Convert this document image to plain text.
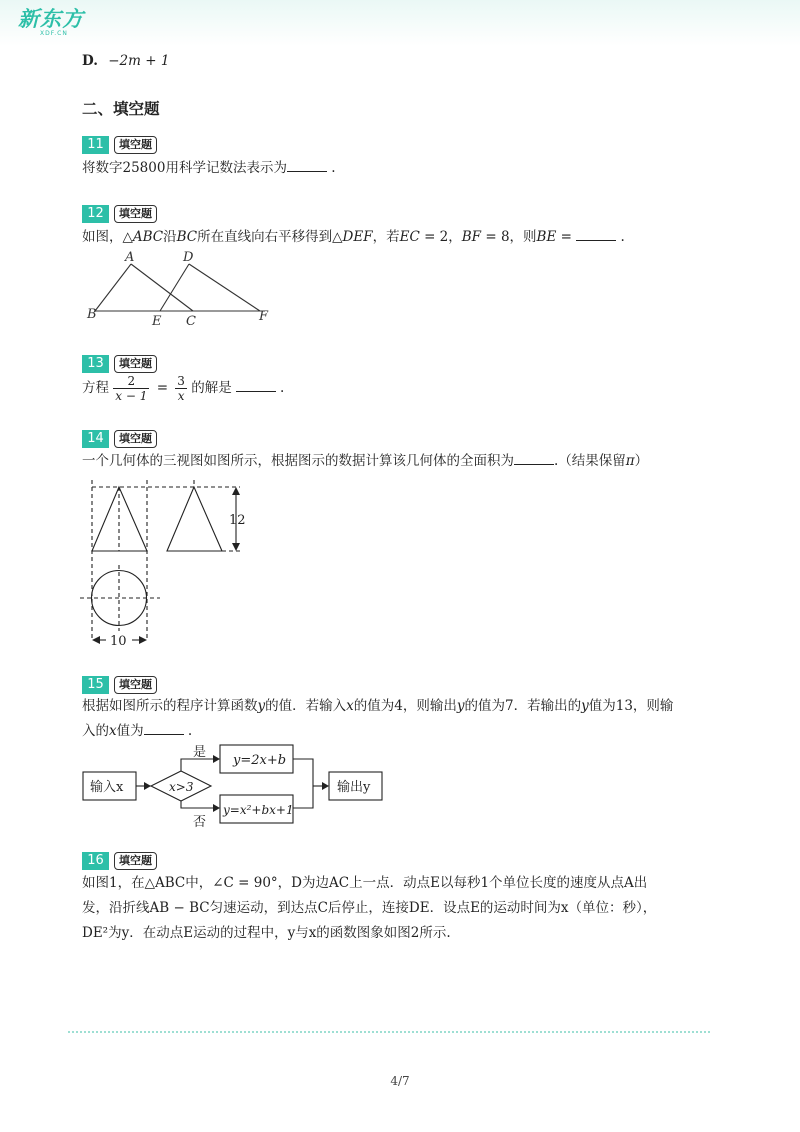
新东方
XDF.CN
D. −2m + 1
二、填空题
11	填空题
将数字25800用科学记数法表示为	.
12	填空题
如图，△ABC沿BC所在直线向右平移得到△DEF，若EC = 2，BF = 8，则BE =	.
A
B	C
D
E	F
13	填空题
方程 $\frac{2}{x - 1} = \frac{3}{x}$ 的解是	.
14	填空题
一个几何体的三视图如图所示，根据图示的数据计算该几何体的全面积为	.（结果保留π）
12
10
15	填空题
根据如图所示的程序计算函数y的值．若输入x的值为4，则输出y的值为7．若输出的y值为13，则输
入的x值为	.
输入x	x>3
是
否
y=2x+b
y=x²+bx+1
输出y
16	填空题
如图1，在△ABC中，∠C = 90°，D为边AC上一点．动点E以每秒1个单位长度的速度从点A出
发，沿折线AB − BC匀速运动，到达点C后停止，连接DE．设点E的运动时间为x（单位：秒），
DE²为y．在动点E运动的过程中，y与x的函数图象如图2所示.
4/7
